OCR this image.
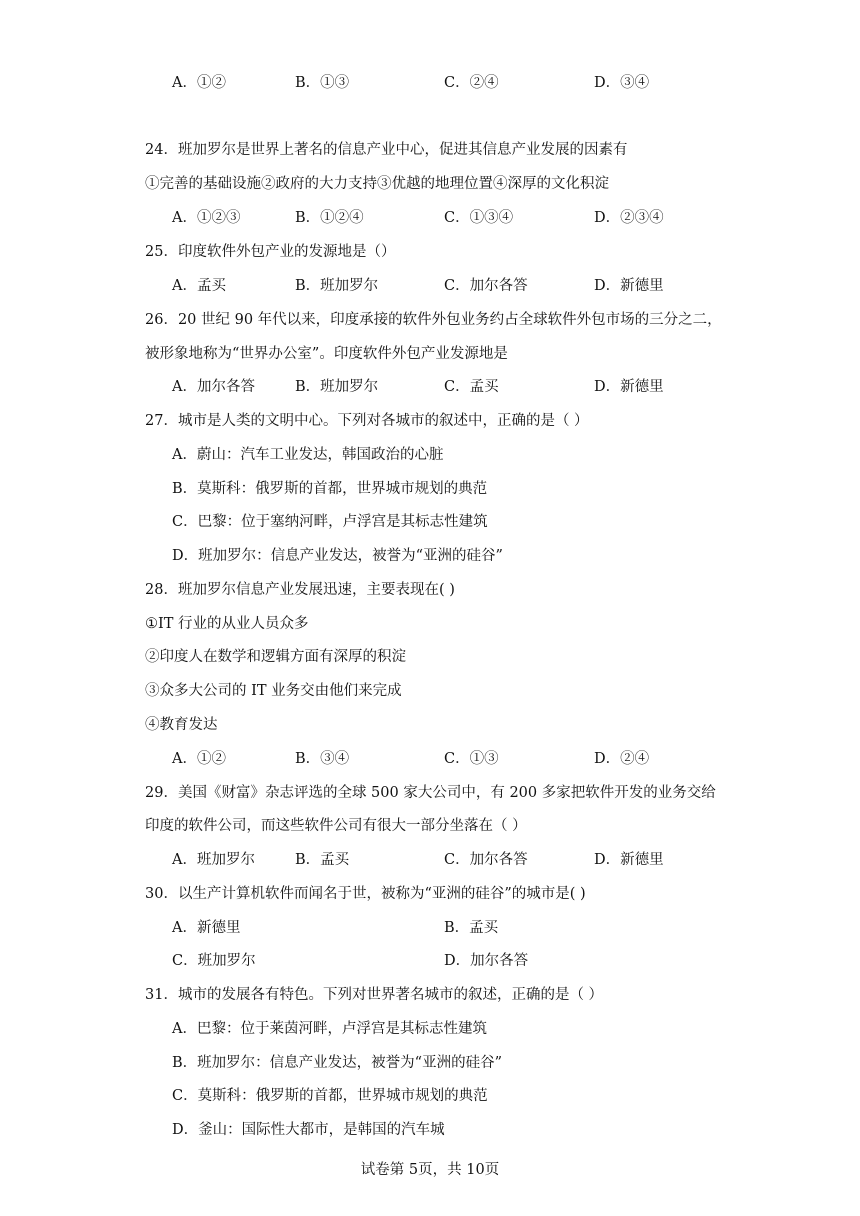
A．①②	B．①③	C．②④	D．③④
24．班加罗尔是世界上著名的信息产业中心，促进其信息产业发展的因素有
①完善的基础设施②政府的大力支持③优越的地理位置④深厚的文化积淀
A．①②③	B．①②④	C．①③④	D．②③④
25．印度软件外包产业的发源地是（）
A．孟买	B．班加罗尔	C．加尔各答	D．新德里
26．20 世纪 90 年代以来，印度承接的软件外包业务约占全球软件外包市场的三分之二，
被形象地称为“世界办公室”。印度软件外包产业发源地是
A．加尔各答	B．班加罗尔	C．孟买	D．新德里
27．城市是人类的文明中心。下列对各城市的叙述中，正确的是（ ）
A．蔚山：汽车工业发达，韩国政治的心脏
B．莫斯科：俄罗斯的首都，世界城市规划的典范
C．巴黎：位于塞纳河畔，卢浮宫是其标志性建筑
D．班加罗尔：信息产业发达，被誉为“亚洲的硅谷”
28．班加罗尔信息产业发展迅速，主要表现在( )
①IT 行业的从业人员众多
②印度人在数学和逻辑方面有深厚的积淀
③众多大公司的 IT 业务交由他们来完成
④教育发达
A．①②	B．③④	C．①③	D．②④
29．美国《财富》杂志评选的全球 500 家大公司中，有 200 多家把软件开发的业务交给
印度的软件公司，而这些软件公司有很大一部分坐落在（ ）
A．班加罗尔	B．孟买	C．加尔各答	D．新德里
30．以生产计算机软件而闻名于世，被称为“亚洲的硅谷”的城市是( )
A．新德里	B．孟买
C．班加罗尔	D．加尔各答
31．城市的发展各有特色。下列对世界著名城市的叙述，正确的是（ ）
A．巴黎：位于莱茵河畔，卢浮宫是其标志性建筑
B．班加罗尔：信息产业发达，被誉为“亚洲的硅谷”
C．莫斯科：俄罗斯的首都，世界城市规划的典范
D．釜山：国际性大都市，是韩国的汽车城
试卷第 5页，共 10页
